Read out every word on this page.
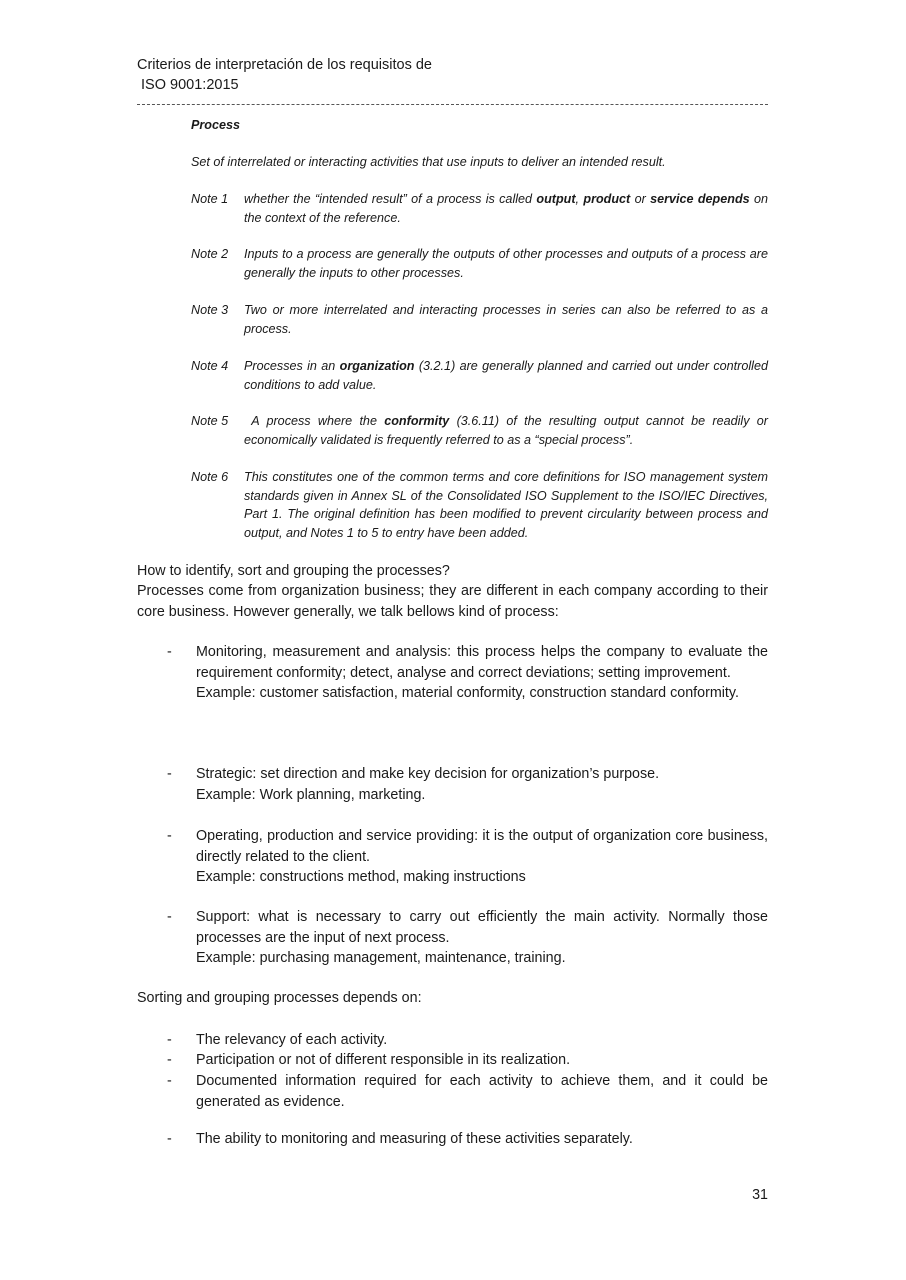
Criterios de interpretación de los requisitos de
ISO 9001:2015
Process
Set of interrelated or interacting activities that use inputs to deliver an intended result.
How to identify, sort and grouping the processes?
Processes come from organization business; they are different in each company according to their core business. However generally, we talk bellows kind of process:
Sorting and grouping processes depends on:
31
Note 1 whether the “intended result” of a process is called output, product or service depends on the context of the reference.
Note 2 Inputs to a process are generally the outputs of other processes and outputs of a process are generally the inputs to other processes.
Note 3 Two or more interrelated and interacting processes in series can also be referred to as a process.
Note 4 Processes in an organization (3.2.1) are generally planned and carried out under controlled conditions to add value.
Note 5 A process where the conformity (3.6.11) of the resulting output cannot be readily or economically validated is frequently referred to as a “special process”.
Note 6 This constitutes one of the common terms and core definitions for ISO management system standards given in Annex SL of the Consolidated ISO Supplement to the ISO/IEC Directives, Part 1. The original definition has been modified to prevent circularity between process and output, and Notes 1 to 5 to entry have been added.
- Monitoring, measurement and analysis: this process helps the company to evaluate the requirement conformity; detect, analyse and correct deviations; setting improvement.
Example: customer satisfaction, material conformity, construction standard conformity.
- Strategic: set direction and make key decision for organization’s purpose.
Example: Work planning, marketing.
- Operating, production and service providing: it is the output of organization core business, directly related to the client.
Example: constructions method, making instructions
- Support: what is necessary to carry out efficiently the main activity. Normally those processes are the input of next process.
Example: purchasing management, maintenance, training.
- The relevancy of each activity.
- Participation or not of different responsible in its realization.
- Documented information required for each activity to achieve them, and it could be generated as evidence.
- The ability to monitoring and measuring of these activities separately.
